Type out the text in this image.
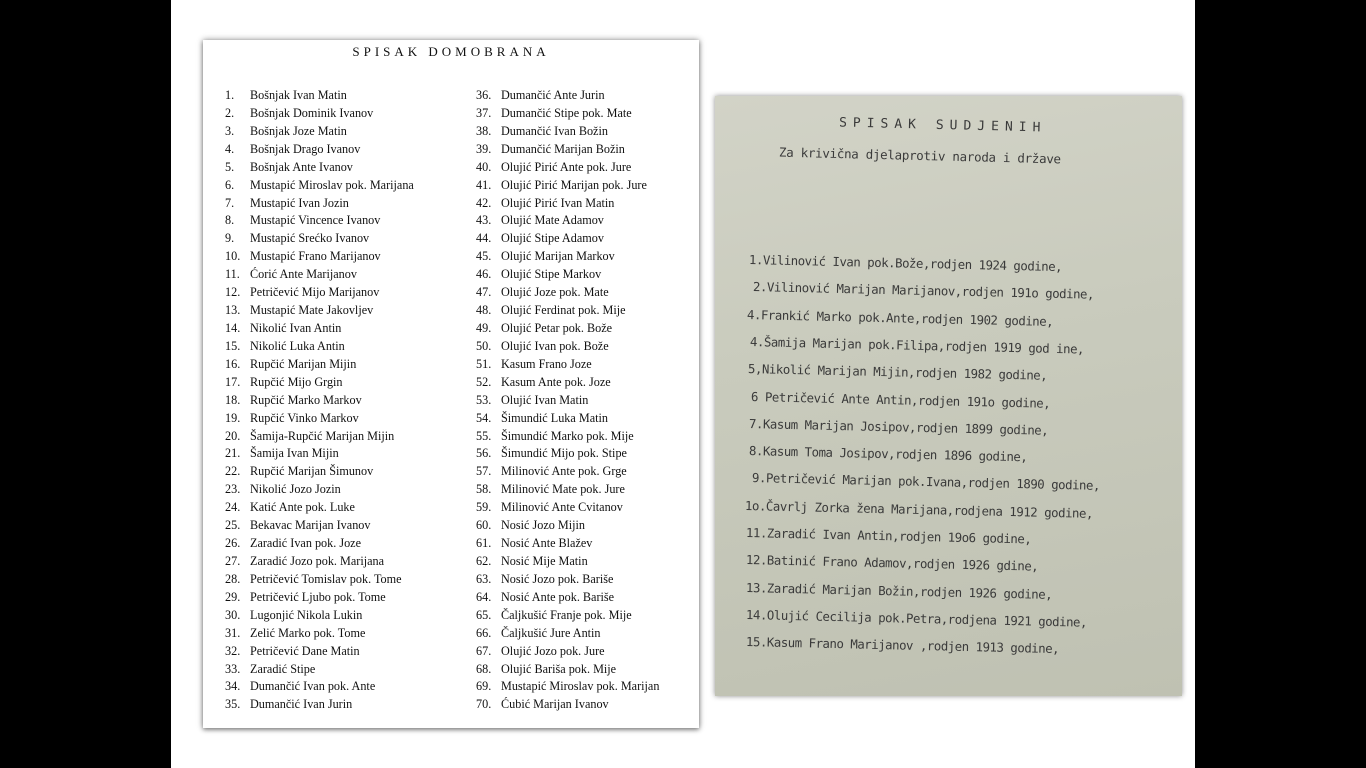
SPISAK DOMOBRANA
1. Bošnjak Ivan Matin
2. Bošnjak Dominik Ivanov
3. Bošnjak Joze Matin
4. Bošnjak Drago Ivanov
5. Bošnjak Ante Ivanov
6. Mustapić Miroslav pok. Marijana
7. Mustapić Ivan Jozin
8. Mustapić Vincence Ivanov
9. Mustapić Srećko Ivanov
10. Mustapić Frano Marijanov
11. Ćorić Ante Marijanov
12. Petričević Mijo Marijanov
13. Mustapić Mate Jakovljev
14. Nikolić Ivan Antin
15. Nikolić Luka Antin
16. Rupčić Marijan Mijin
17. Rupčić Mijo Grgin
18. Rupčić Marko Markov
19. Rupčić Vinko Markov
20. Šamija-Rupčić Marijan Mijin
21. Šamija Ivan Mijin
22. Rupčić Marijan Šimunov
23. Nikolić Jozo Jozin
24. Katić Ante pok. Luke
25. Bekavac Marijan Ivanov
26. Zaradić Ivan pok. Joze
27. Zaradić Jozo pok. Marijana
28. Petričević Tomislav pok. Tome
29. Petričević Ljubo pok. Tome
30. Lugonjić Nikola Lukin
31. Zelić Marko pok. Tome
32. Petričević Dane Matin
33. Zaradić Stipe
34. Dumančić Ivan pok. Ante
35. Dumančić Ivan Jurin
36. Dumančić Ante Jurin
37. Dumančić Stipe pok. Mate
38. Dumančić Ivan Božin
39. Dumančić Marijan Božin
40. Olujić Pirić Ante pok. Jure
41. Olujić Pirić Marijan pok. Jure
42. Olujić Pirić Ivan Matin
43. Olujić Mate Adamov
44. Olujić Stipe Adamov
45. Olujić Marijan Markov
46. Olujić Stipe Markov
47. Olujić Joze pok. Mate
48. Olujić Ferdinat pok. Mije
49. Olujić Petar pok. Bože
50. Olujić Ivan pok. Bože
51. Kasum Frano Joze
52. Kasum Ante pok. Joze
53. Olujić Ivan Matin
54. Šimundić Luka Matin
55. Šimundić Marko pok. Mije
56. Šimundić Mijo pok. Stipe
57. Milinović Ante pok. Grge
58. Milinović Mate pok. Jure
59. Milinović Ante Cvitanov
60. Nosić Jozo Mijin
61. Nosić Ante Blažev
62. Nosić Mije Matin
63. Nosić Jozo pok. Bariše
64. Nosić Ante pok. Bariše
65. Čaljkušić Franje pok. Mije
66. Čaljkušić Jure Antin
67. Olujić Jozo pok. Jure
68. Olujić Bariša pok. Mije
69. Mustapić Miroslav pok. Marijan
70. Ćubić Marijan Ivanov
SPISAK SUDJENIH
Za krivična djelaprotiv naroda i države
1.Vilinović Ivan pok.Bože,rodjen 1924 godine,
2.Vilinović Marijan Marijanov,rodjen 191o godine,
4.Frankić Marko pok.Ante,rodjen 1902 godine,
4.Šamija Marijan pok.Filipa,rodjen 1919 god ine,
5,Nikolić Marijan Mijin,rodjen 1982 godine,
6 Petričević Ante Antin,rodjen 191o godine,
7.Kasum Marijan Josipov,rodjen 1899 godine,
8.Kasum Toma Josipov,rodjen 1896 godine,
9.Petričević Marijan pok.Ivana,rodjen 1890 godine,
1o.Čavrlj Zorka žena Marijana,rodjena 1912 godine,
11.Zaradić Ivan Antin,rodjen 19o6 godine,
12.Batinić Frano Adamov,rodjen 1926 gdine,
13.Zaradić Marijan Božin,rodjen 1926 godine,
14.Olujić Cecilija pok.Petra,rodjena 1921 godine,
15.Kasum Frano Marijanov ,rodjen 1913 godine,
